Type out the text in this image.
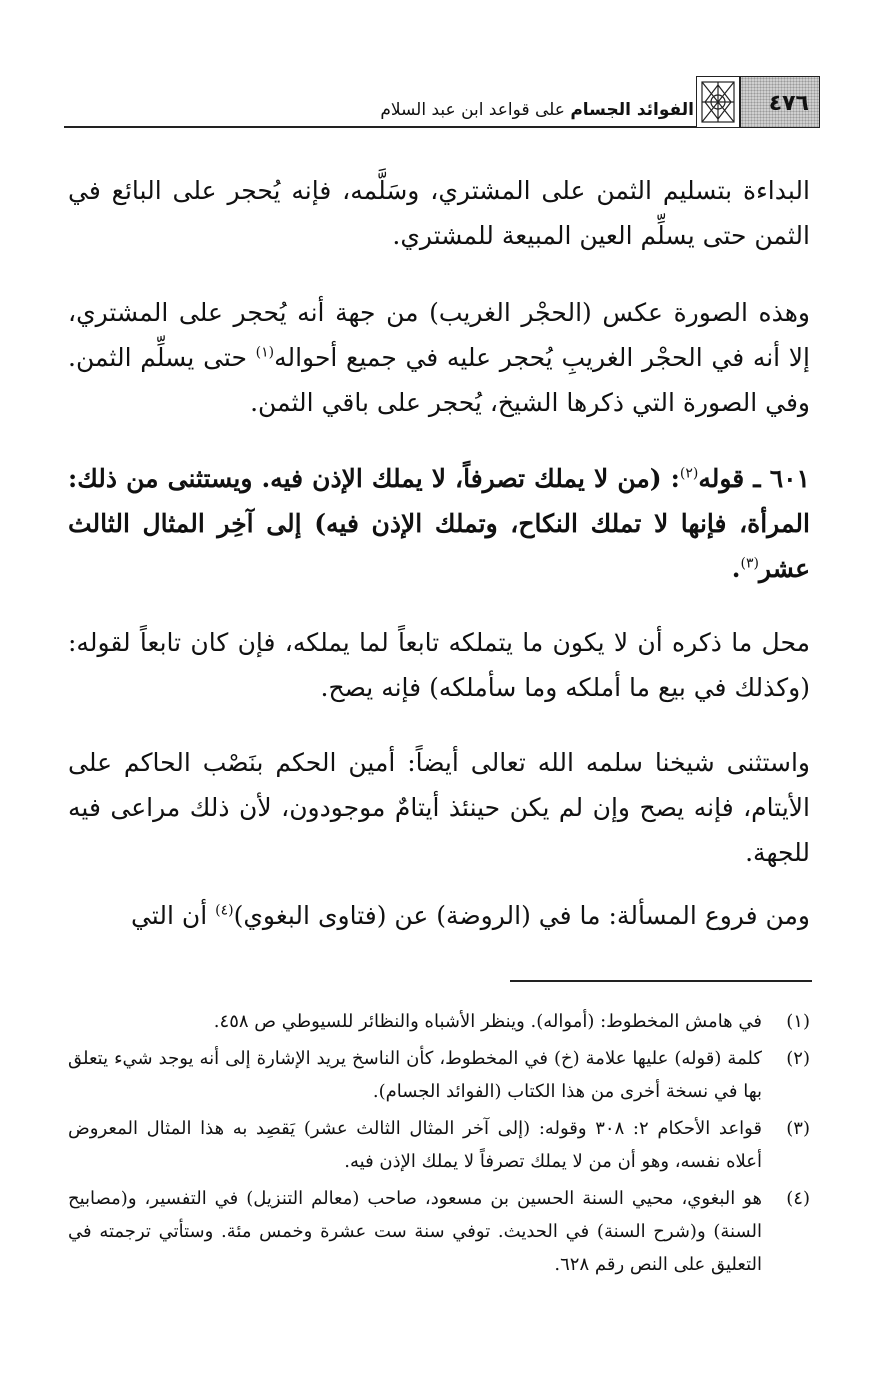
٤٧٦
الفوائد الجسام على قواعد ابن عبد السلام
البداءة بتسليم الثمن على المشتري، وسَلَّمه، فإنه يُحجر على البائع في الثمن حتى يسلِّم العين المبيعة للمشتري.
وهذه الصورة عكس (الحجْر الغريب) من جهة أنه يُحجر على المشتري، إلا أنه في الحجْر الغريبِ يُحجر عليه في جميع أحواله$^{(١)}$ حتى يسلِّم الثمن. وفي الصورة التي ذكرها الشيخ، يُحجر على باقي الثمن.
٦٠١ ـ قوله$^{(٢)}$: (من لا يملك تصرفاً، لا يملك الإذن فيه. ويستثنى من ذلك: المرأة، فإنها لا تملك النكاح، وتملك الإذن فيه) إلى آخِر المثال الثالث عشر$^{(٣)}$.
محل ما ذكره أن لا يكون ما يتملكه تابعاً لما يملكه، فإن كان تابعاً لقوله: (وكذلك في بيع ما أملكه وما سأملكه) فإنه يصح.
واستثنى شيخنا سلمه الله تعالى أيضاً: أمين الحكم بنَصْب الحاكم على الأيتام، فإنه يصح وإن لم يكن حينئذ أيتامٌ موجودون، لأن ذلك مراعى فيه للجهة.
ومن فروع المسألة: ما في (الروضة) عن (فتاوى البغوي)$^{(٤)}$ أن التي
(١)
في هامش المخطوط: (أمواله). وينظر الأشباه والنظائر للسيوطي ص ٤٥٨.
(٢)
كلمة (قوله) عليها علامة (خ) في المخطوط، كأن الناسخ يريد الإشارة إلى أنه يوجد شيء يتعلق بها في نسخة أخرى من هذا الكتاب (الفوائد الجسام).
(٣)
قواعد الأحكام ٢: ٣٠٨ وقوله: (إلى آخر المثال الثالث عشر) يَقصِد به هذا المثال المعروض أعلاه نفسه، وهو أن من لا يملك تصرفاً لا يملك الإذن فيه.
(٤)
هو البغوي، محيي السنة الحسين بن مسعود، صاحب (معالم التنزيل) في التفسير، و(مصابيح السنة) و(شرح السنة) في الحديث. توفي سنة ست عشرة وخمس مئة. وستأتي ترجمته في التعليق على النص رقم ٦٢٨.
